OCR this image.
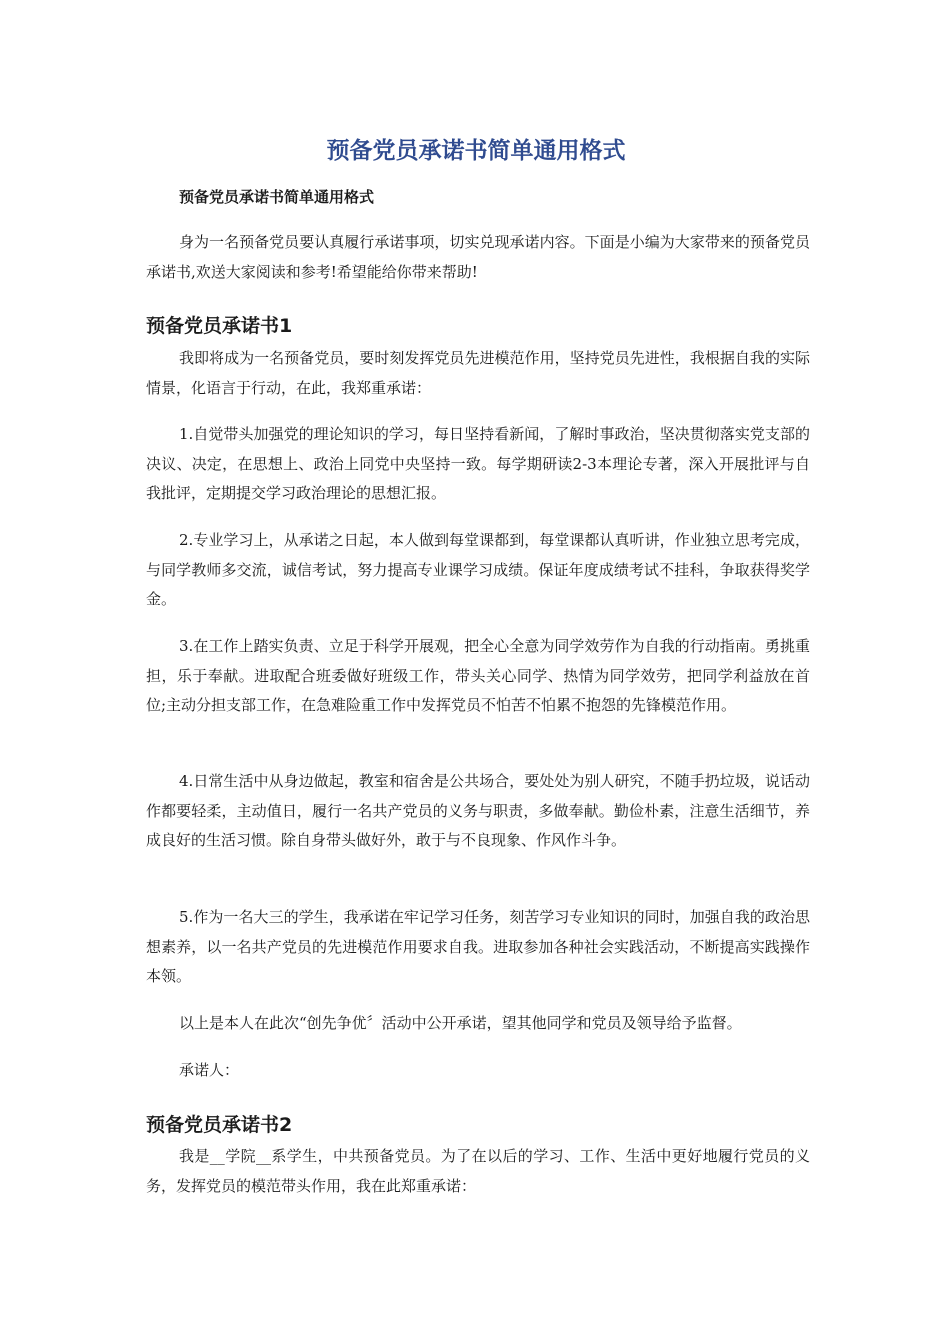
预备党员承诺书简单通用格式

预备党员承诺书简单通用格式

身为一名预备党员要认真履行承诺事项，切实兑现承诺内容。下面是小编为大家带来的预备党员承诺书,欢送大家阅读和参考!希望能给你带来帮助!

预备党员承诺书1

我即将成为一名预备党员，要时刻发挥党员先进模范作用，坚持党员先进性，我根据自我的实际情景，化语言于行动，在此，我郑重承诺：

1.自觉带头加强党的理论知识的学习，每日坚持看新闻，了解时事政治，坚决贯彻落实党支部的决议、决定，在思想上、政治上同党中央坚持一致。每学期研读2-3本理论专著，深入开展批评与自我批评，定期提交学习政治理论的思想汇报。

2.专业学习上，从承诺之日起，本人做到每堂课都到，每堂课都认真听讲，作业独立思考完成，与同学教师多交流，诚信考试，努力提高专业课学习成绩。保证年度成绩考试不挂科，争取获得奖学金。

3.在工作上踏实负责、立足于科学开展观，把全心全意为同学效劳作为自我的行动指南。勇挑重担，乐于奉献。进取配合班委做好班级工作，带头关心同学、热情为同学效劳，把同学利益放在首位;主动分担支部工作，在急难险重工作中发挥党员不怕苦不怕累不抱怨的先锋模范作用。

4.日常生活中从身边做起，教室和宿舍是公共场合，要处处为别人研究，不随手扔垃圾，说话动作都要轻柔，主动值日，履行一名共产党员的义务与职责，多做奉献。勤俭朴素，注意生活细节，养成良好的生活习惯。除自身带头做好外，敢于与不良现象、作风作斗争。

5.作为一名大三的学生，我承诺在牢记学习任务，刻苦学习专业知识的同时，加强自我的政治思想素养，以一名共产党员的先进模范作用要求自我。进取参加各种社会实践活动，不断提高实践操作本领。

以上是本人在此次“创先争优〞活动中公开承诺，望其他同学和党员及领导给予监督。

承诺人：

预备党员承诺书2

我是__学院__系学生，中共预备党员。为了在以后的学习、工作、生活中更好地履行党员的义务，发挥党员的模范带头作用，我在此郑重承诺：
